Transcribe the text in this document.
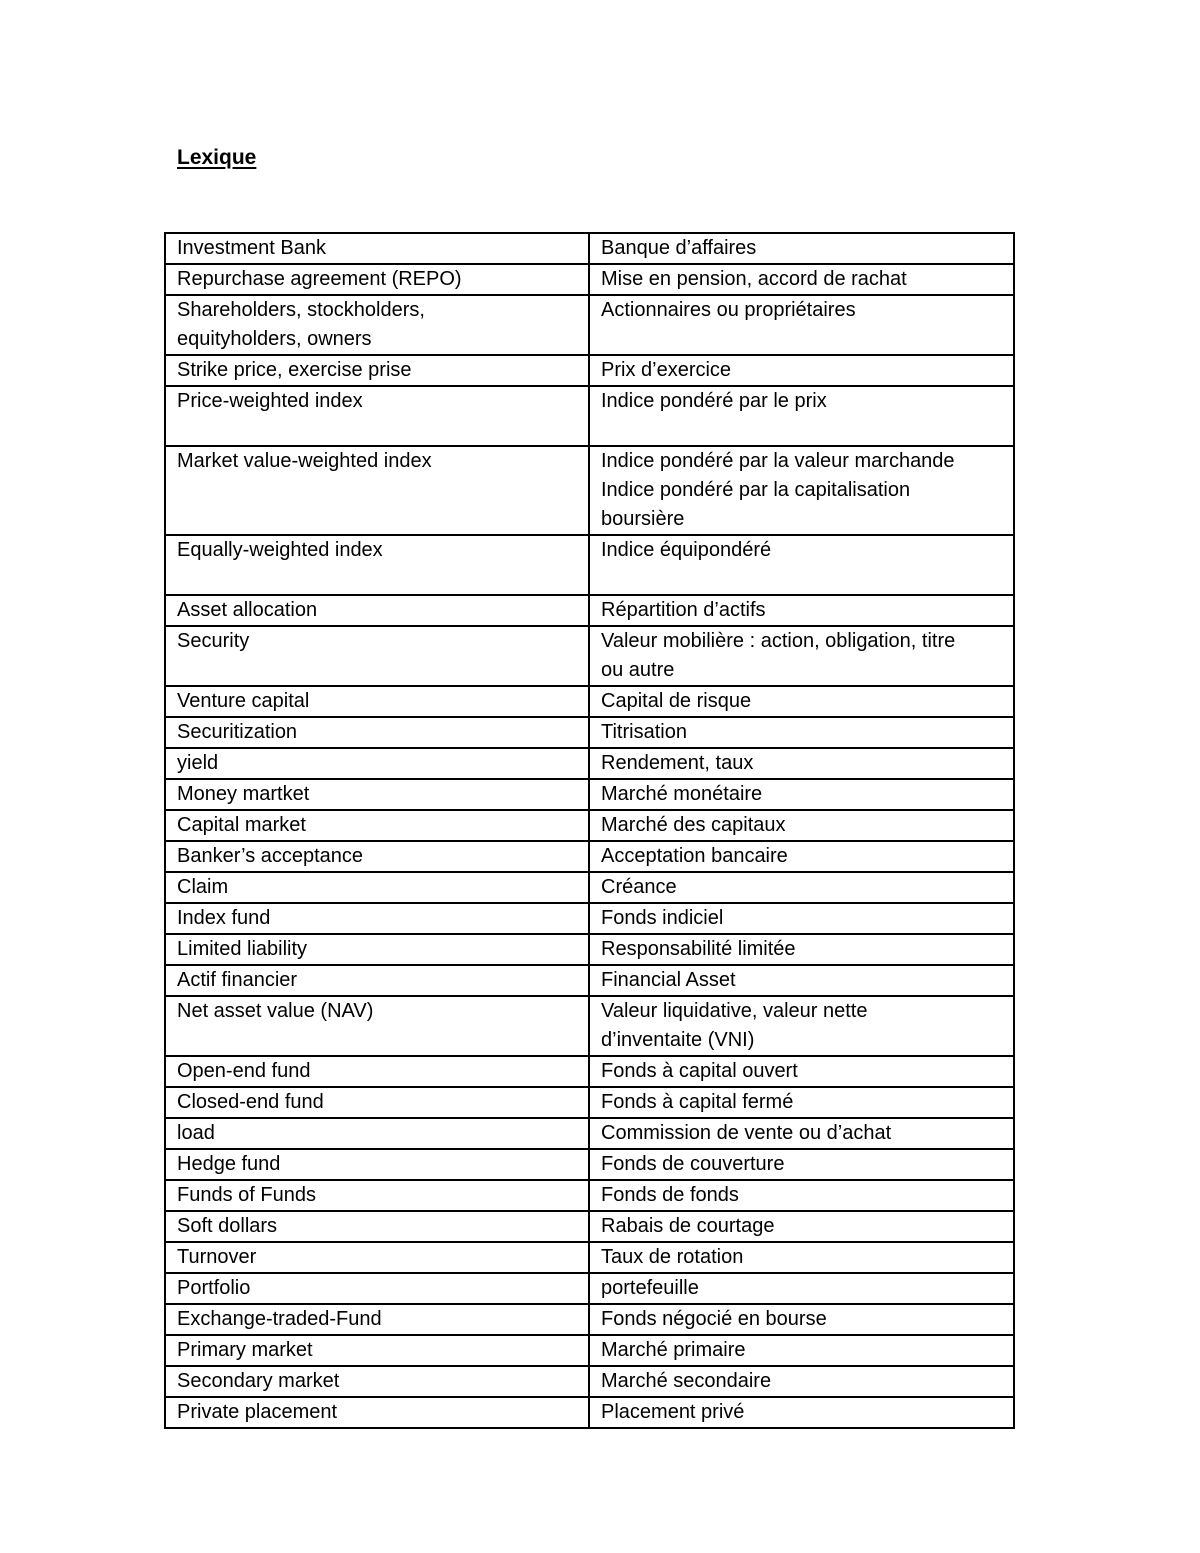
Lexique
Investment Bank	Banque d’affaires

Repurchase agreement (REPO)	Mise en pension, accord de rachat

Shareholders, stockholders,
equityholders, owners	Actionnaires ou propriétaires

Strike price, exercise prise	Prix d’exercice

Price-weighted index	Indice pondéré par le prix

Market value-weighted index	Indice pondéré par la valeur marchande
Indice pondéré par la capitalisation
boursière

Equally-weighted index	Indice équipondéré

Asset allocation	Répartition d’actifs

Security	Valeur mobilière : action, obligation, titre
ou autre

Venture capital	Capital de risque

Securitization	Titrisation

yield	Rendement, taux

Money martket	Marché monétaire

Capital market	Marché des capitaux

Banker’s acceptance	Acceptation bancaire

Claim	Créance

Index fund	Fonds indiciel

Limited liability	Responsabilité limitée

Actif financier	Financial Asset

Net asset value (NAV)	Valeur liquidative, valeur nette
d’inventaite (VNI)

Open-end fund	Fonds à capital ouvert

Closed-end fund	Fonds à capital fermé

load	Commission de vente ou d’achat

Hedge fund	Fonds de couverture

Funds of Funds	Fonds de fonds

Soft dollars	Rabais de courtage

Turnover	Taux de rotation

Portfolio	portefeuille

Exchange-traded-Fund	Fonds négocié en bourse

Primary market	Marché primaire

Secondary market	Marché secondaire

Private placement	Placement privé
